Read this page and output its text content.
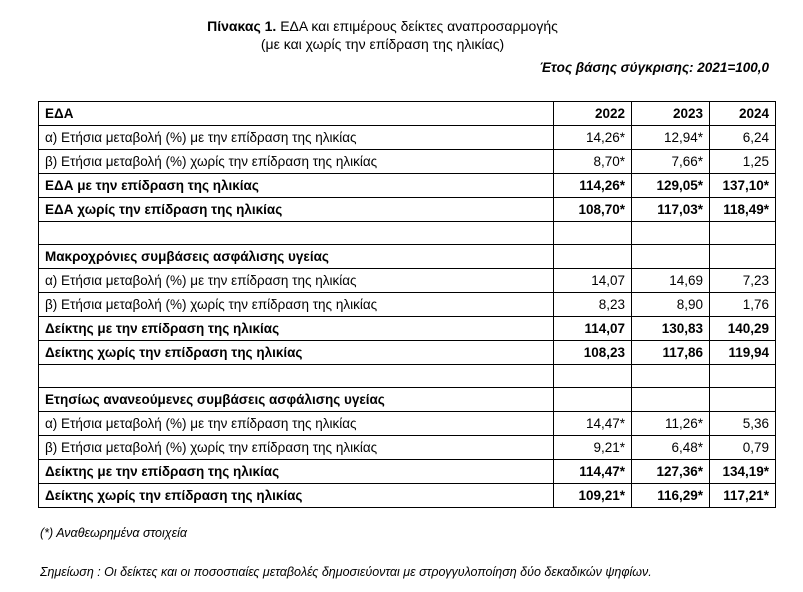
Πίνακας 1. ΕΔΑ και επιμέρους δείκτες αναπροσαρμογής
(με και χωρίς την επίδραση της ηλικίας)
Έτος βάσης σύγκρισης: 2021=100,0
ΕΔΑ	2022	2023	2024
α) Ετήσια μεταβολή (%) με την επίδραση της ηλικίας	14,26*	12,94*	6,24
β) Ετήσια μεταβολή (%) χωρίς την επίδραση της ηλικίας	8,70*	7,66*	1,25
ΕΔΑ με την επίδραση της ηλικίας	114,26*	129,05*	137,10*
ΕΔΑ χωρίς την επίδραση της ηλικίας	108,70*	117,03*	118,49*

Μακροχρόνιες συμβάσεις ασφάλισης υγείας			
α) Ετήσια μεταβολή (%) με την επίδραση της ηλικίας	14,07	14,69	7,23
β) Ετήσια μεταβολή (%) χωρίς την επίδραση της ηλικίας	8,23	8,90	1,76
Δείκτης με την επίδραση της ηλικίας	114,07	130,83	140,29
Δείκτης χωρίς την επίδραση της ηλικίας	108,23	117,86	119,94

Ετησίως ανανεούμενες συμβάσεις ασφάλισης υγείας			
α) Ετήσια μεταβολή (%) με την επίδραση της ηλικίας	14,47*	11,26*	5,36
β) Ετήσια μεταβολή (%) χωρίς την επίδραση της ηλικίας	9,21*	6,48*	0,79
Δείκτης με την επίδραση της ηλικίας	114,47*	127,36*	134,19*
Δείκτης χωρίς την επίδραση της ηλικίας	109,21*	116,29*	117,21*
(*) Αναθεωρημένα στοιχεία
Σημείωση : Οι δείκτες και οι ποσοστιαίες μεταβολές δημοσιεύονται με στρογγυλοποίηση δύο δεκαδικών ψηφίων.
